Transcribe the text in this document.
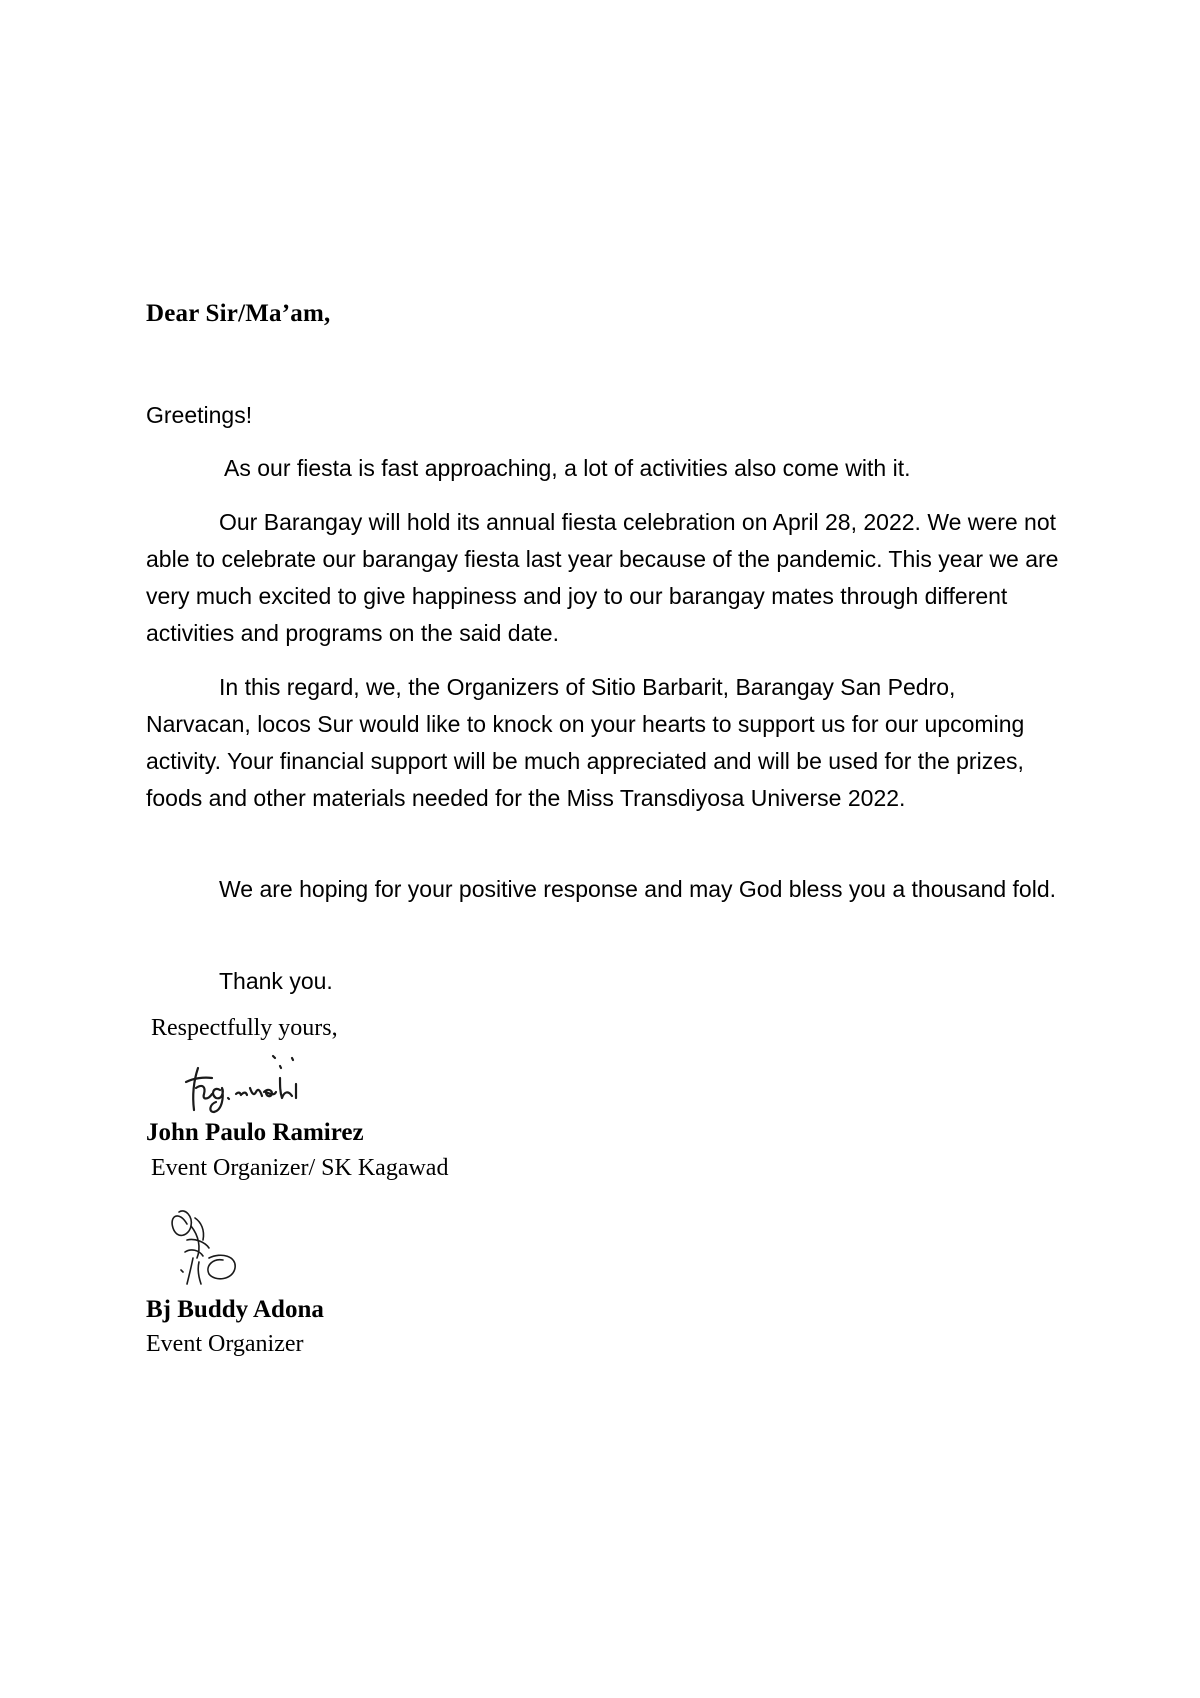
Dear Sir/Ma’am,

Greetings!

As our fiesta is fast approaching, a lot of activities also come with it.

Our Barangay will hold its annual fiesta celebration on April 28, 2022. We were not able to celebrate our barangay fiesta last year because of the pandemic. This year we are very much excited to give happiness and joy to our barangay mates through different activities and programs on the said date.

In this regard, we, the Organizers of Sitio Barbarit, Barangay San Pedro, Narvacan, locos Sur would like to knock on your hearts to support us for our upcoming activity. Your financial support will be much appreciated and will be used for the prizes, foods and other materials needed for the Miss Transdiyosa Universe 2022.

We are hoping for your positive response and may God bless you a thousand fold.

Thank you.

Respectfully yours,
John Paulo Ramirez
Event Organizer/ SK Kagawad
Bj Buddy Adona
Event Organizer
